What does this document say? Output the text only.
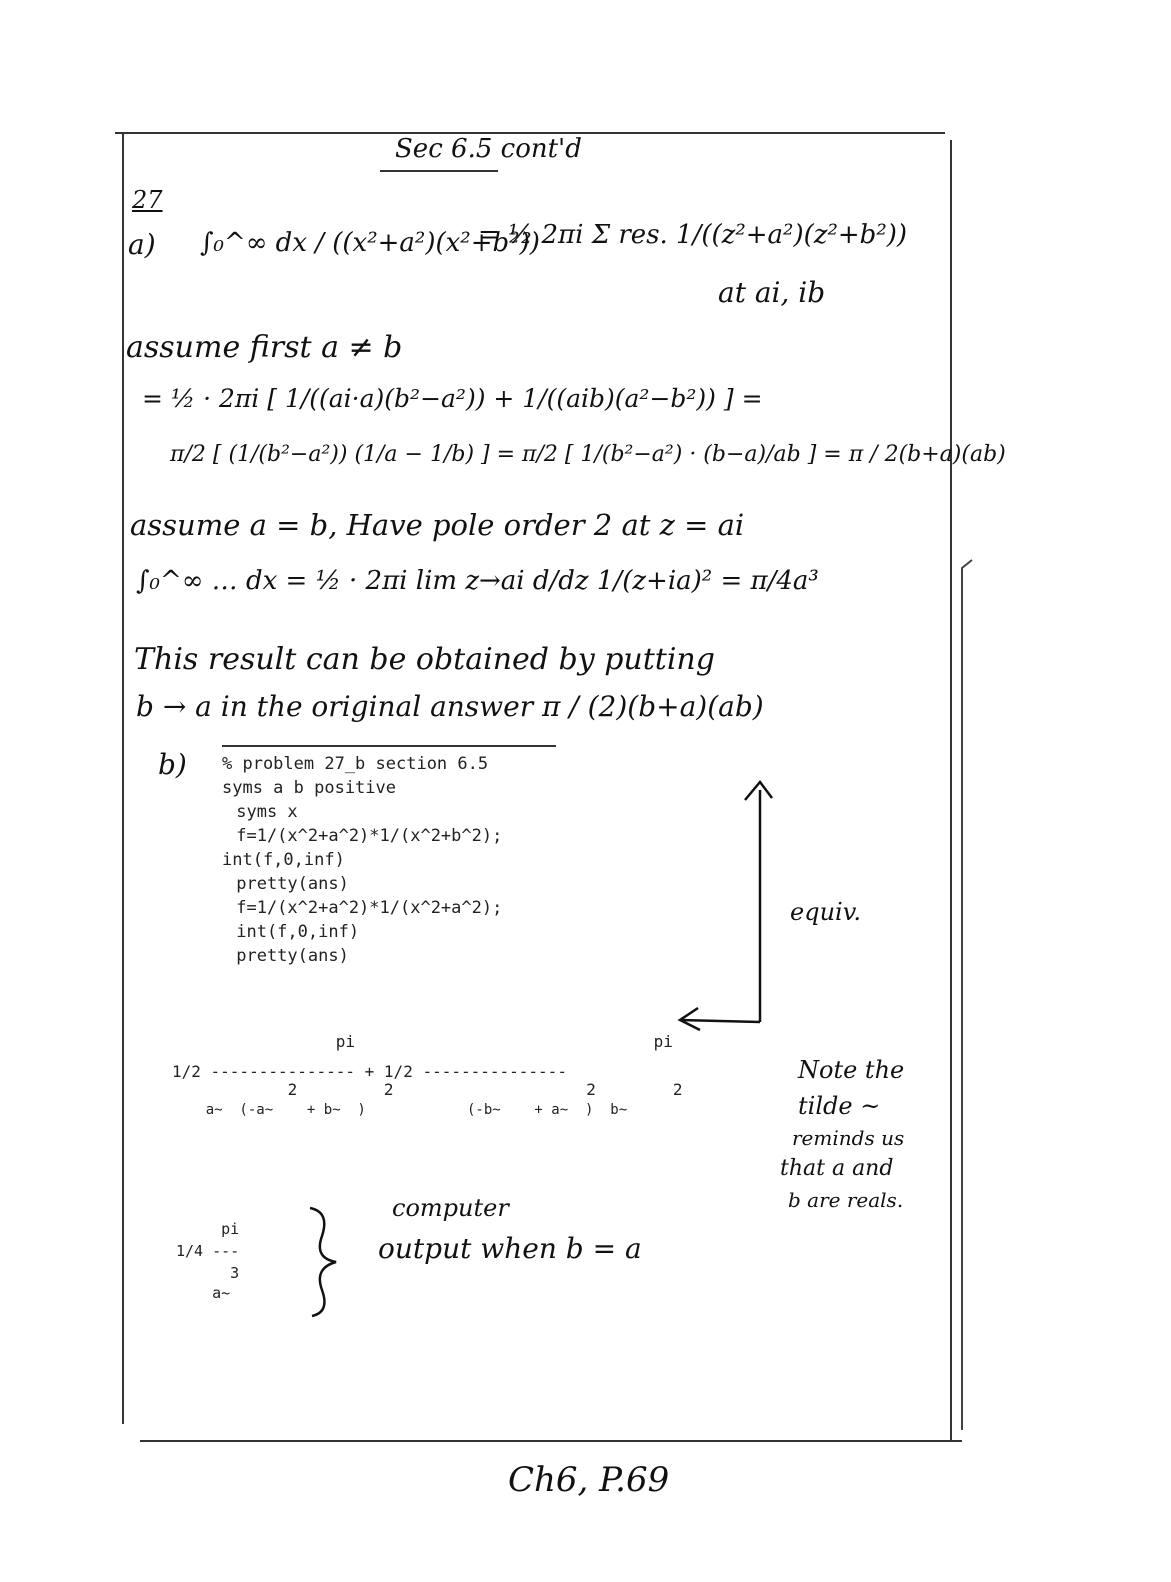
Sec 6.5 cont'd
27
a) ∫₀^∞ dx / ((x²+a²)(x²+b²))
= ½ 2πi Σ res. 1/((z²+a²)(z²+b²))
at ai, ib
assume first a ≠ b
= ½ · 2πi [ 1/((ai·a)(b²−a²)) + 1/((aib)(a²−b²)) ] =
π/2 [ (1/(b²−a²)) (1/a − 1/b) ] = π/2 [ 1/(b²−a²) · (b−a)/ab ] = π / 2(b+a)(ab)
assume a = b, Have pole order 2 at z = ai
∫₀^∞ … dx = ½ · 2πi lim z→ai d/dz 1/(z+ia)² = π/4a³
This result can be obtained by putting
b → a in the original answer π / (2)(b+a)(ab)
b) % problem 27_b section 6.5
syms a b positive
syms x
f=1/(x^2+a^2)*1/(x^2+b^2);
int(f,0,inf)
pretty(ans)
f=1/(x^2+a^2)*1/(x^2+a^2);
int(f,0,inf)
pretty(ans)
equiv.
pi                               pi
1/2 --------------- + 1/2 ---------------
2         2                    2        2
a~  (-a~    + b~  )            (-b~    + a~  )  b~
Note the
tilde ~
reminds us
that a and
b are reals.
pi
1/4 ---
3
a~
computer
output when b = a
Ch6, P.69
